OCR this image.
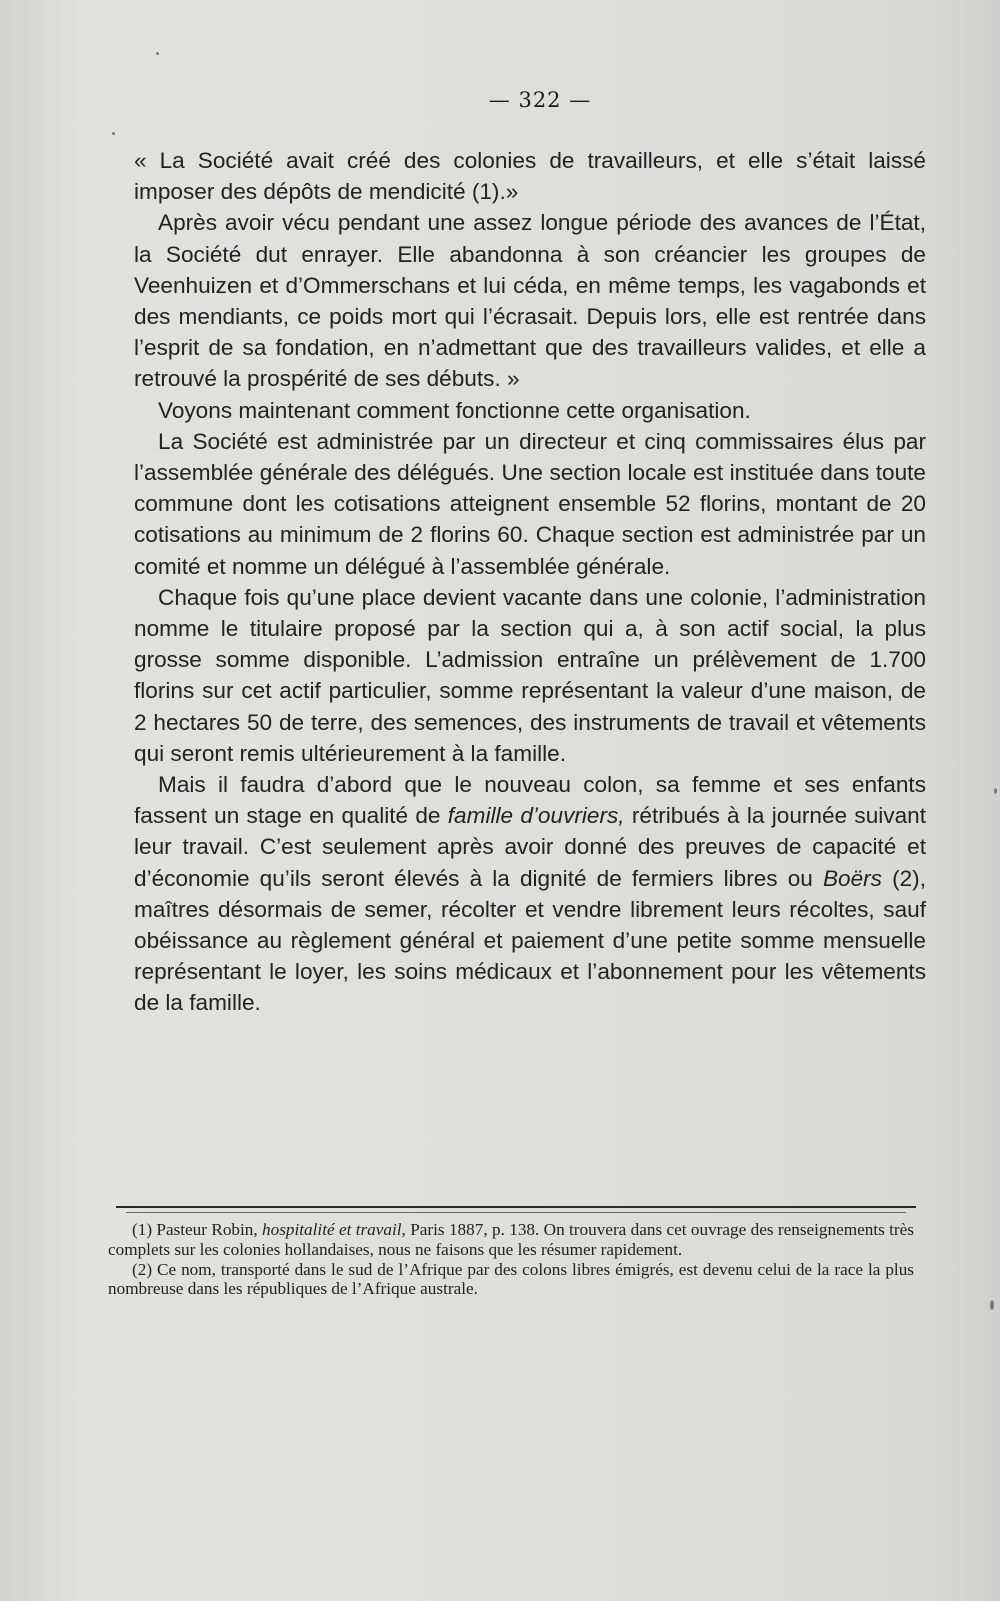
— 322 —

« La Société avait créé des colonies de travailleurs, et elle s’était laissé imposer des dépôts de mendicité (1).»

Après avoir vécu pendant une assez longue période des avances de l’État, la Société dut enrayer. Elle abandonna à son créancier les groupes de Veenhuizen et d’Ommerschans et lui céda, en même temps, les vagabonds et des mendiants, ce poids mort qui l’écrasait. Depuis lors, elle est rentrée dans l’esprit de sa fondation, en n’admettant que des travailleurs valides, et elle a retrouvé la prospérité de ses débuts. »

Voyons maintenant comment fonctionne cette organisation.

La Société est administrée par un directeur et cinq commissaires élus par l’assemblée générale des délégués. Une section locale est instituée dans toute commune dont les cotisations atteignent ensemble 52 florins, montant de 20 cotisations au minimum de 2 florins 60. Chaque section est administrée par un comité et nomme un délégué à l’assemblée générale.

Chaque fois qu’une place devient vacante dans une colonie, l’administration nomme le titulaire proposé par la section qui a, à son actif social, la plus grosse somme disponible. L’admission entraîne un prélèvement de 1.700 florins sur cet actif particulier, somme représentant la valeur d’une maison, de 2 hectares 50 de terre, des semences, des instruments de travail et vêtements qui seront remis ultérieurement à la famille.

Mais il faudra d’abord que le nouveau colon, sa femme et ses enfants fassent un stage en qualité de famille d’ouvriers, rétribués à la journée suivant leur travail. C’est seulement après avoir donné des preuves de capacité et d’économie qu’ils seront élevés à la dignité de fermiers libres ou Boërs (2), maîtres désormais de semer, récolter et vendre librement leurs récoltes, sauf obéissance au règlement général et paiement d’une petite somme mensuelle représentant le loyer, les soins médicaux et l’abonnement pour les vêtements de la famille.

(1) Pasteur Robin, hospitalité et travail, Paris 1887, p. 138. On trouvera dans cet ouvrage des renseignements très complets sur les colonies hollandaises, nous ne faisons que les résumer rapidement.

(2) Ce nom, transporté dans le sud de l’Afrique par des colons libres émigrés, est devenu celui de la race la plus nombreuse dans les républiques de l’Afrique australe.
